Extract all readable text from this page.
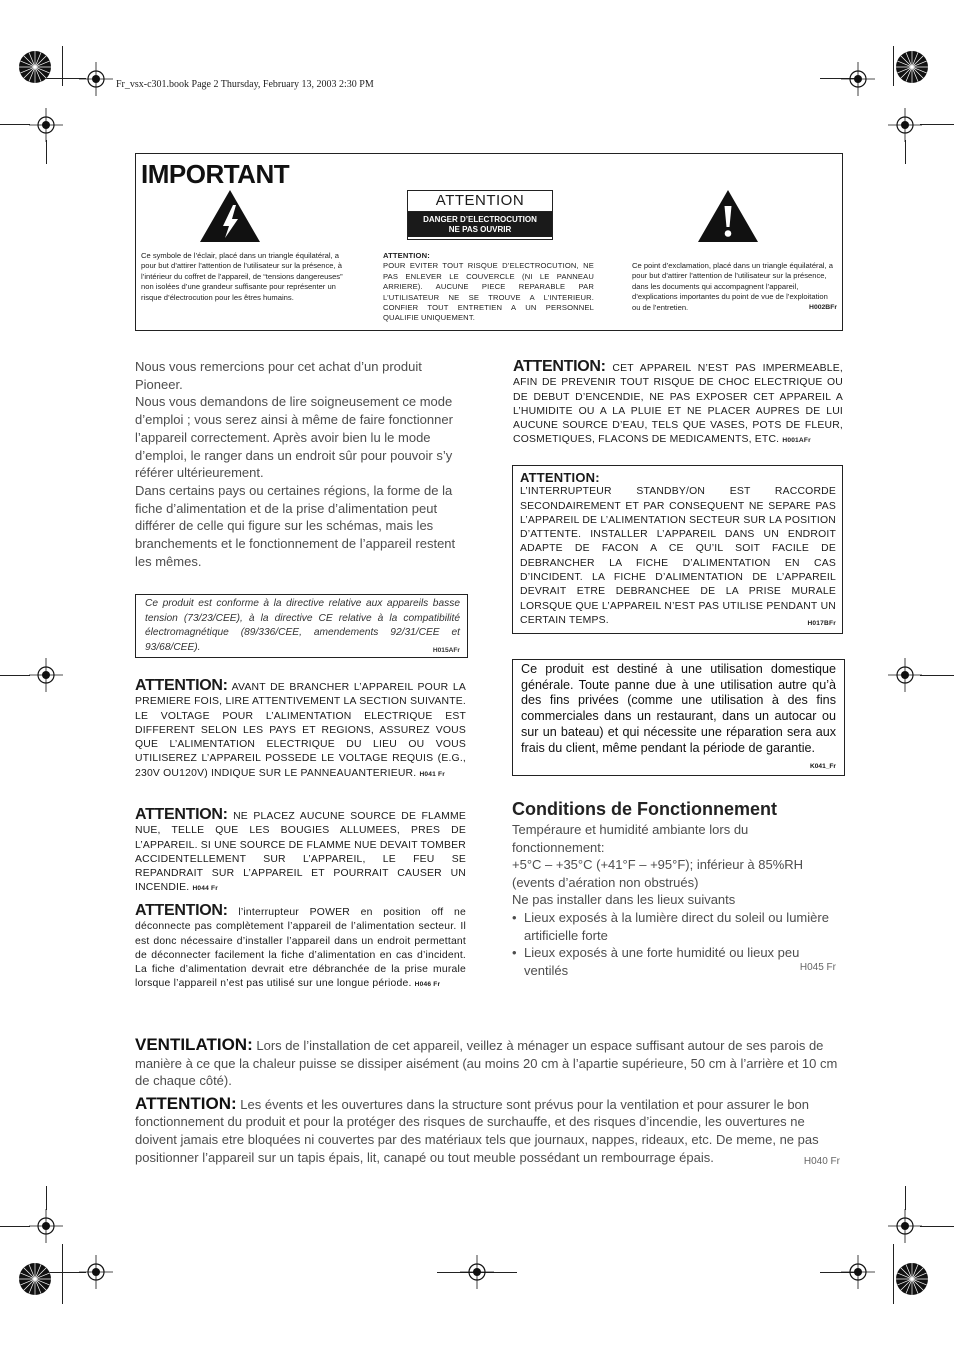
Fr_vsx-c301.book Page 2 Thursday, February 13, 2003 2:30 PM
IMPORTANT
ATTENTION
DANGER D’ELECTROCUTION
NE PAS OUVRIR
Ce symbole de l’éclair, placé dans un triangle équilatéral, a pour but d’attirer l’attention de l’utilisateur sur la présence, à l’intérieur du coffret de l’appareil, de “tensions dangereuses” non isolées d’une grandeur suffisante pour représenter un risque d’électrocution pour les êtres humains.
ATTENTION:
POUR EVITER TOUT RISQUE D’ELECTROCUTION, NE PAS ENLEVER LE COUVERCLE (NI LE PANNEAU ARRIERE). AUCUNE PIECE REPARABLE PAR L’UTILISATEUR NE SE TROUVE A L’INTERIEUR. CONFIER TOUT ENTRETIEN A UN PERSONNEL QUALIFIE UNIQUEMENT.
Ce point d’exclamation, placé dans un triangle équilatéral, a pour but d’attirer l’attention de l’utilisateur sur la présence, dans les documents qui accompagnent l’appareil, d’explications importantes du point de vue de l’exploitation ou de l’entretien.	H002BFr
Nous vous remercions pour cet achat d’un produit Pioneer.
Nous vous demandons de lire soigneusement ce mode d’emploi ; vous serez ainsi à même de faire fonctionner l’appareil correctement. Après avoir bien lu le mode d’emploi, le ranger dans un endroit sûr pour pouvoir s’y référer ultérieurement.
Dans certains pays ou certaines régions, la forme de la fiche d’alimentation et de la prise d’alimentation peut différer de celle qui figure sur les schémas, mais les branchements et le fonctionnement de l’appareil restent les mêmes.
Ce produit est conforme à la directive relative aux appareils basse tension (73/23/CEE), à la directive CE relative à la compatibilité électromagnétique (89/336/CEE, amendements 92/31/CEE et 93/68/CEE).	H015AFr
ATTENTION: AVANT DE BRANCHER L’APPAREIL POUR LA PREMIERE FOIS, LIRE ATTENTIVEMENT LA SECTION SUIVANTE. LE VOLTAGE POUR L’ALIMENTATION ELECTRIQUE EST DIFFERENT SELON LES PAYS ET REGIONS, ASSUREZ VOUS QUE L’ALIMENTATION ELECTRIQUE DU LIEU OU VOUS UTILISEREZ L’APPAREIL POSSEDE LE VOLTAGE REQUIS (E.G., 230V OU120V) INDIQUE SUR LE PANNEAUANTERIEUR. H041 Fr
ATTENTION: NE PLACEZ AUCUNE SOURCE DE FLAMME NUE, TELLE QUE LES BOUGIES ALLUMEES, PRES DE L’APPAREIL. SI UNE SOURCE DE FLAMME NUE DEVAIT TOMBER ACCIDENTELLEMENT SUR L’APPAREIL, LE FEU SE REPANDRAIT SUR L’APPAREIL ET POURRAIT CAUSER UN INCENDIE. H044 Fr
ATTENTION: l’interrupteur POWER en position off ne déconnecte pas complètement l’appareil de l’alimentation secteur. Il est donc nécessaire d’installer l’appareil dans un endroit permettant de déconnecter facilement la fiche d’alimentation en cas d’incident. La fiche d’alimentation devrait etre débranchée de la prise murale lorsque l’appareil n’est pas utilisé sur une longue période. H046 Fr
ATTENTION: CET APPAREIL N’EST PAS IMPERMEABLE, AFIN DE PREVENIR TOUT RISQUE DE CHOC ELECTRIQUE OU DE DEBUT D’ENCENDIE, NE PAS EXPOSER CET APPAREIL A L’HUMIDITE OU A LA PLUIE ET NE PLACER AUPRES DE LUI AUCUNE SOURCE D’EAU, TELS QUE VASES, POTS DE FLEUR, COSMETIQUES, FLACONS DE MEDICAMENTS, ETC. H001AFr
ATTENTION:
L’INTERRUPTEUR STANDBY/ON EST RACCORDE SECONDAIREMENT ET PAR CONSEQUENT NE SEPARE PAS L’APPAREIL DE L’ALIMENTATION SECTEUR SUR LA POSITION D’ATTENTE. INSTALLER L’APPAREIL DANS UN ENDROIT ADAPTE DE FACON A CE QU’IL SOIT FACILE DE DEBRANCHER LA FICHE D’ALIMENTATION EN CAS D’INCIDENT. LA FICHE D’ALIMENTATION DE L’APPAREIL DEVRAIT ETRE DEBRANCHEE DE LA PRISE MURALE LORSQUE QUE L’APPAREIL N’EST PAS UTILISE PENDANT UN CERTAIN TEMPS.	H017BFr
Ce produit est destiné à une utilisation domestique générale. Toute panne due à une utilisation autre qu’à des fins privées (comme une utilisation à des fins commerciales dans un restaurant, dans un autocar ou sur un bateau) et qui nécessite une réparation sera aux frais du client, même pendant la période de garantie.
K041_Fr
Conditions de Fonctionnement
Tempéraure et humidité ambiante lors du fonctionnement:
+5°C – +35°C (+41°F – +95°F); inférieur à 85%RH (events d’aération non obstrués)
Ne pas installer dans les lieux suivants
• Lieux exposés à la lumière direct du soleil ou lumière artificielle forte
• Lieux exposés à une forte humidité ou lieux peu ventilés	H045 Fr
VENTILATION: Lors de l’installation de cet appareil, veillez à ménager un espace suffisant autour de ses parois de manière à ce que la chaleur puisse se dissiper aisément (au moins 20 cm à l’apartie supérieure, 50 cm à l’arrière et 10 cm de chaque côté).
ATTENTION: Les évents et les ouvertures dans la structure sont prévus pour la ventilation et pour assurer le bon fonctionnement du produit et pour la protéger des risques de surchauffe, et des risques d’incendie, les ouvertures ne doivent jamais etre bloquées ni couvertes par des matériaux tels que journaux, nappes, rideaux, etc. De meme, ne pas positionner l’appareil sur un tapis épais, lit, canapé ou tout meuble possédant un rembourrage épais.	H040 Fr
